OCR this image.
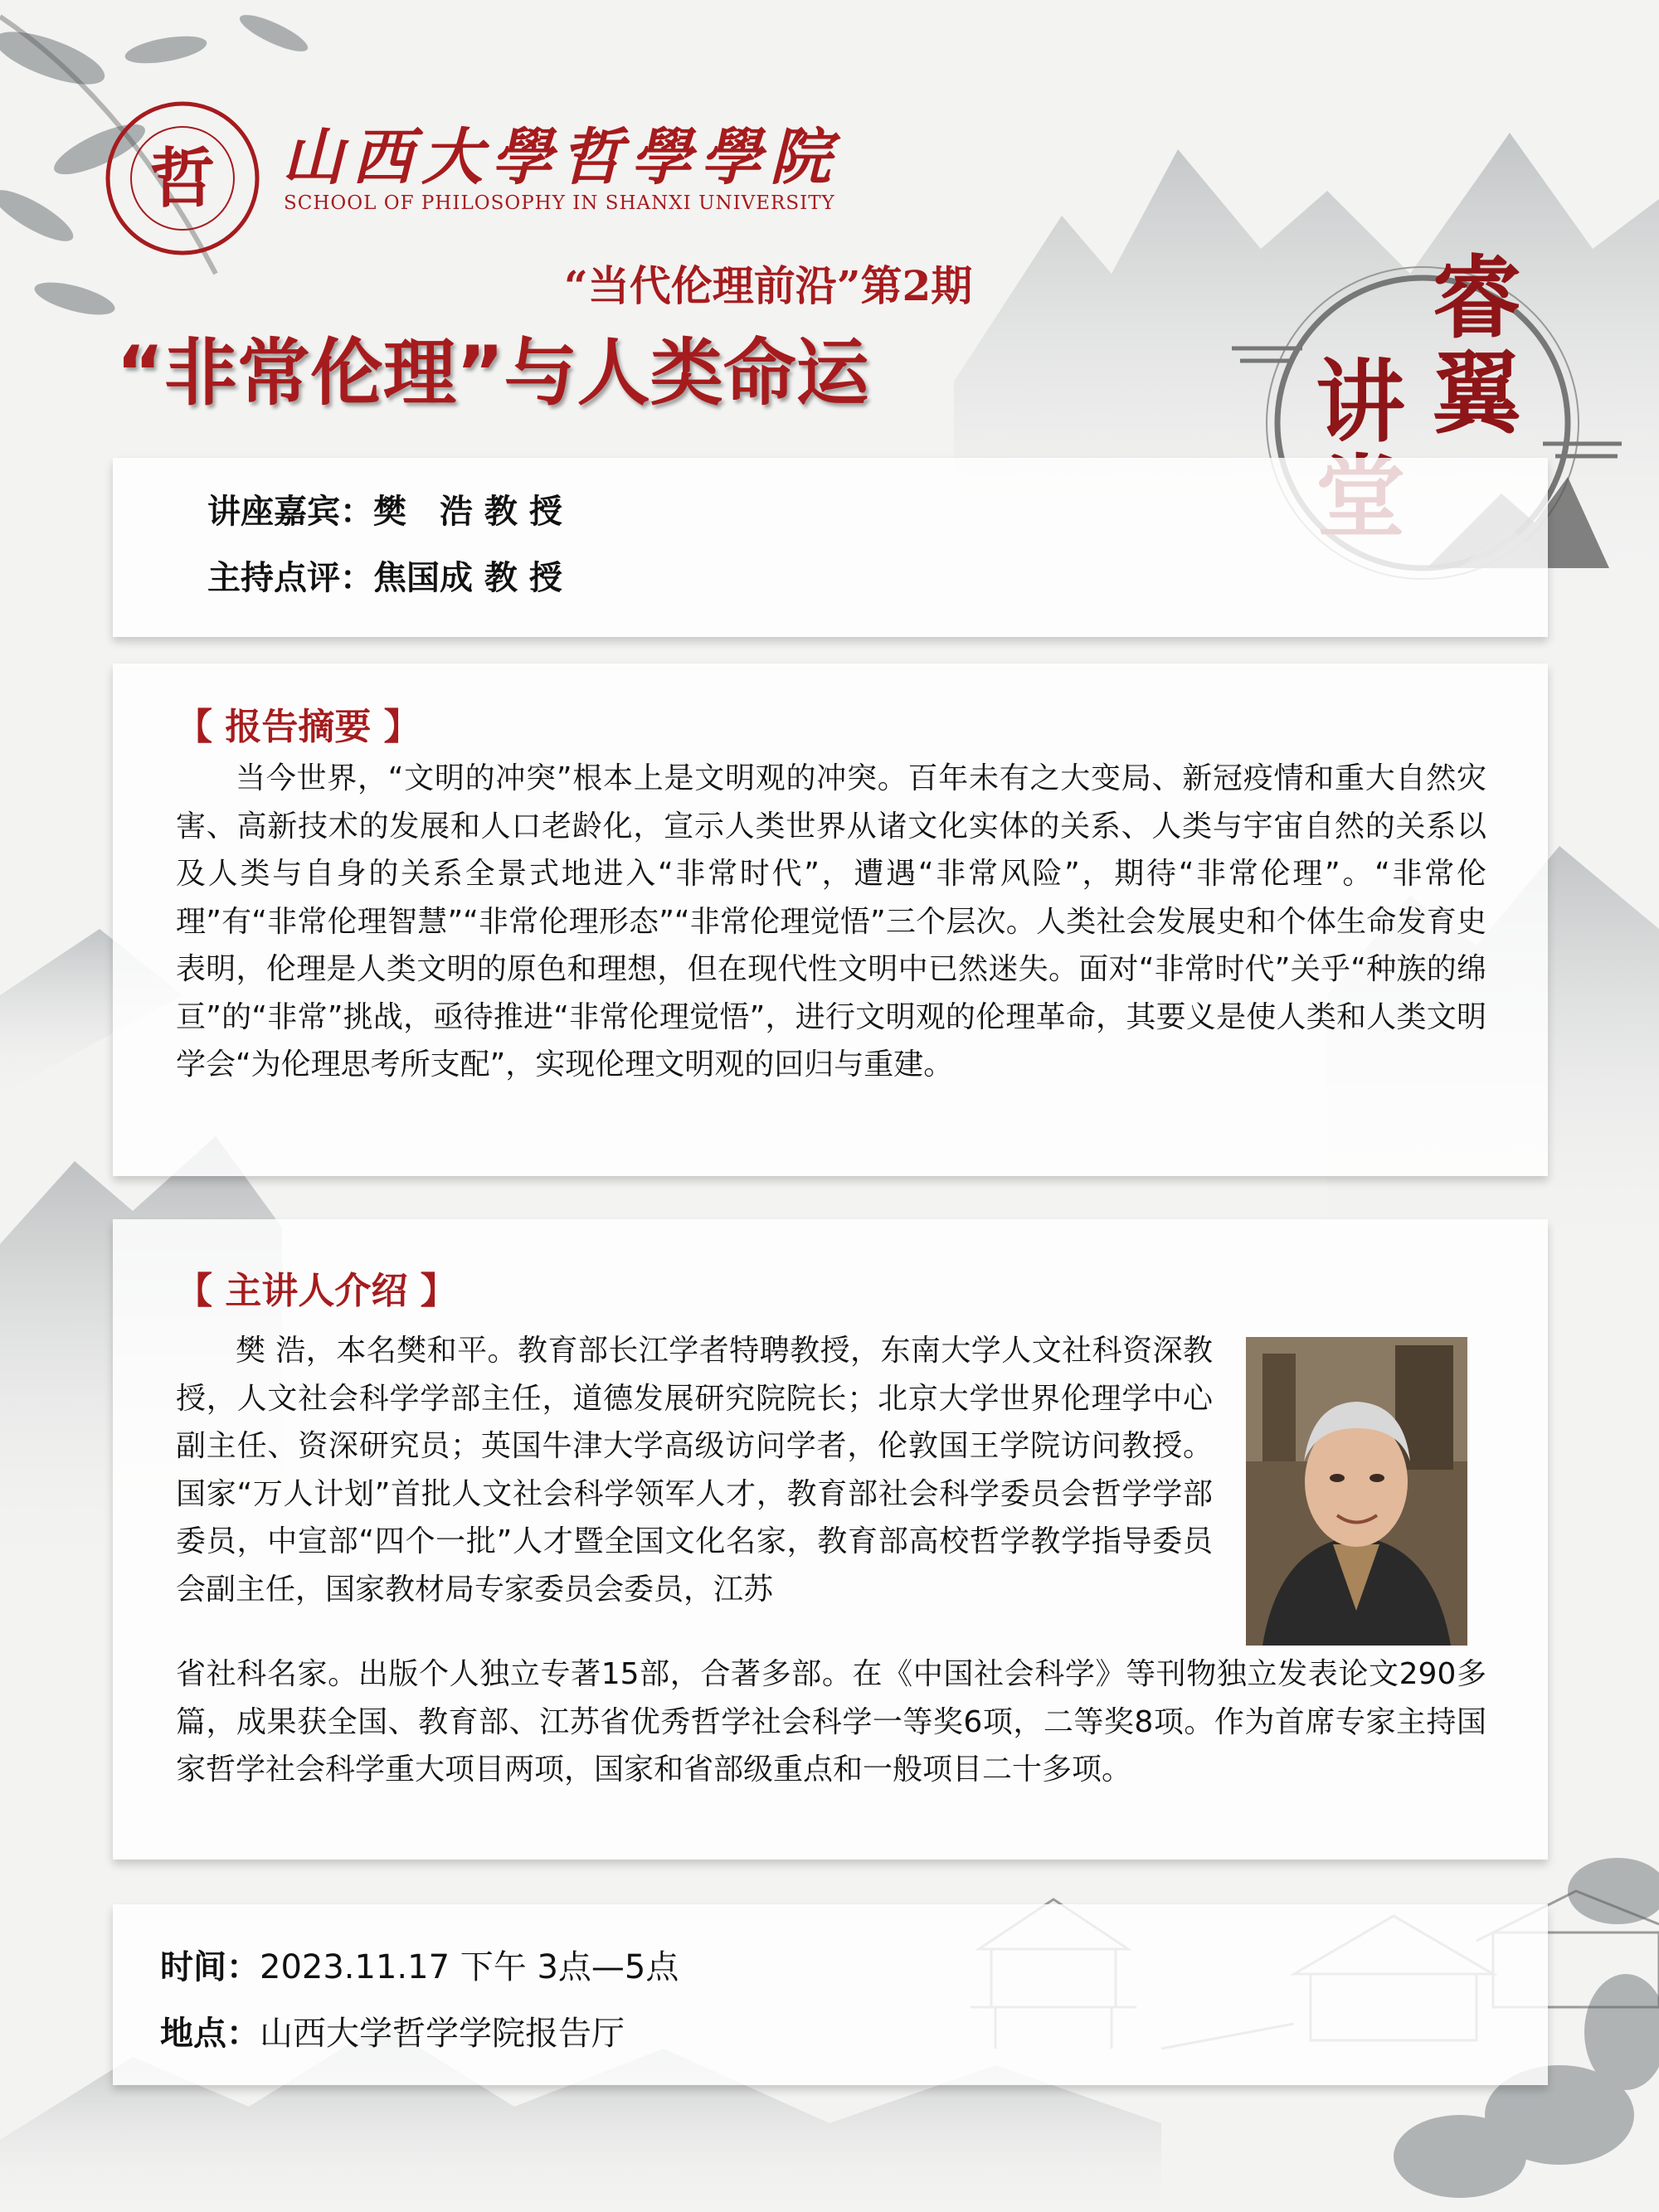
哲 山西大學哲學學院
SCHOOL OF PHILOSOPHY IN SHANXI UNIVERSITY
“当代伦理前沿”第2期
“非常伦理”与人类命运
睿
翼
讲
讲座嘉宾：樊　浩 教 授
主持点评：焦国成 教 授
【 报告摘要 】

当今世界，“文明的冲突”根本上是文明观的冲突。百年未有之大变局、新冠疫情和重大自然灾害、高新技术的发展和人口老龄化，宣示人类世界从诸文化实体的关系、人类与宇宙自然的关系以及人类与自身的关系全景式地进入“非常时代”，遭遇“非常风险”，期待“非常伦理”。“非常伦理”有“非常伦理智慧”“非常伦理形态”“非常伦理觉悟”三个层次。人类社会发展史和个体生命发育史表明，伦理是人类文明的原色和理想，但在现代性文明中已然迷失。面对“非常时代”关乎“种族的绵亘”的“非常”挑战，亟待推进“非常伦理觉悟”，进行文明观的伦理革命，其要义是使人类和人类文明学会“为伦理思考所支配”，实现伦理文明观的回归与重建。

【 主讲人介绍 】

樊 浩，本名樊和平。教育部长江学者特聘教授，东南大学人文社科资深教授，人文社会科学学部主任，道德发展研究院院长；北京大学世界伦理学中心副主任、资深研究员；英国牛津大学高级访问学者，伦敦国王学院访问教授。国家“万人计划”首批人文社会科学领军人才，教育部社会科学委员会哲学学部委员，中宣部“四个一批”人才暨全国文化名家，教育部高校哲学教学指导委员会副主任，国家教材局专家委员会委员，江苏

省社科名家。出版个人独立专著15部，合著多部。在《中国社会科学》等刊物独立发表论文290多篇，成果获全国、教育部、江苏省优秀哲学社会科学一等奖6项，二等奖8项。作为首席专家主持国家哲学社会科学重大项目两项，国家和省部级重点和一般项目二十多项。

时间：2023.11.17 下午 3点—5点
地点：山西大学哲学学院报告厅
